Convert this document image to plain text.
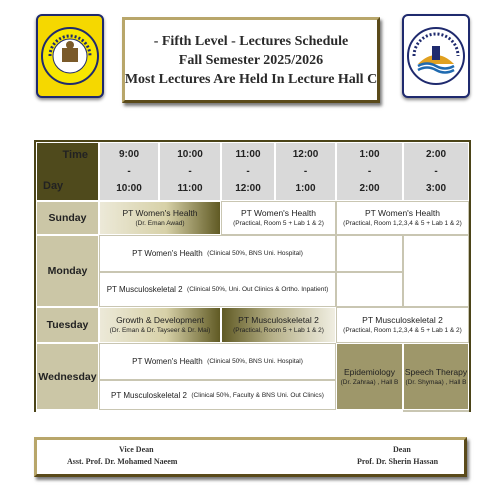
- Fifth Level - Lectures Schedule
Fall Semester 2025/2026
Most Lectures Are Held In Lecture Hall C
Time
Day
9:00
-
10:00
10:00
-
11:00
11:00
-
12:00
12:00
-
1:00
1:00
-
2:00
2:00
-
3:00
Sunday
Monday
Tuesday
Wednesday
PT Women's Health
(Dr. Eman Awad)
PT Women's Health
(Practical, Room 5 + Lab 1 & 2)
PT Women's Health
(Practical, Room 1,2,3,4 & 5 + Lab 1 & 2)
PT Women's Health
(Clinical 50%, BNS Uni. Hospital)
PT Musculoskeletal 2
(Clinical 50%, Uni. Out Clinics & Ortho. Inpatient)
Growth & Development
(Dr. Eman & Dr. Tayseer & Dr. Mai)
PT Musculoskeletal 2
(Practical, Room 5 + Lab 1 & 2)
PT Musculoskeletal 2
(Practical, Room 1,2,3,4 & 5 + Lab 1 & 2)
PT Women's Health
(Clinical 50%, BNS Uni. Hospital)
PT Musculoskeletal 2
(Clinical 50%, Faculty & BNS Uni. Out Clinics)
Epidemiology
(Dr. Zahraa) , Hall B
Speech Therapy
(Dr. Shymaa) , Hall B
Vice Dean
Asst. Prof. Dr. Mohamed Naeem
Dean
Prof. Dr. Sherin Hassan
